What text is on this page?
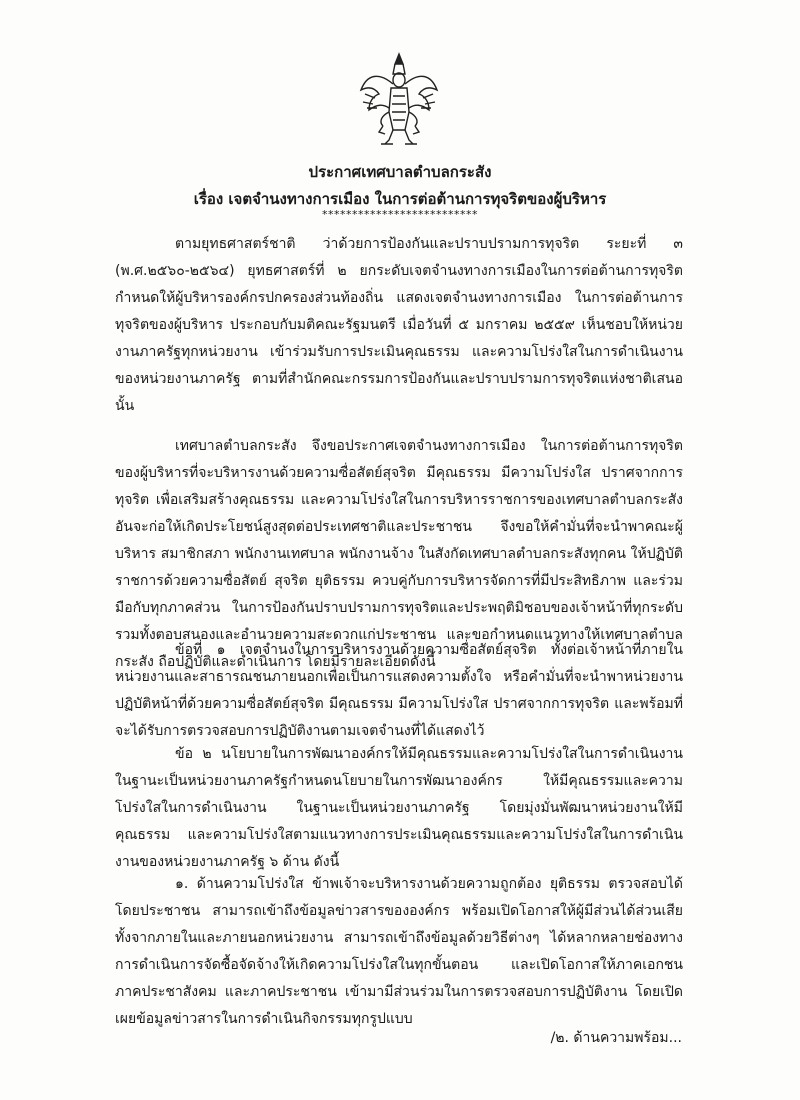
ประกาศเทศบาลตำบลกระสัง
เรื่อง เจตจำนงทางการเมือง ในการต่อต้านการทุจริตของผู้บริหาร
**************************

ตามยุทธศาสตร์ชาติ ว่าด้วยการป้องกันและปราบปรามการทุจริต ระยะที่ ๓ (พ.ศ.๒๕๖๐-๒๕๖๔) ยุทธศาสตร์ที่ ๒ ยกระดับเจตจำนงทางการเมืองในการต่อต้านการทุจริต กำหนดให้ผู้บริหารองค์กรปกครองส่วนท้องถิ่น แสดงเจตจำนงทางการเมือง ในการต่อต้านการทุจริตของผู้บริหาร ประกอบกับมติคณะรัฐมนตรี เมื่อวันที่ ๕ มกราคม ๒๕๕๙ เห็นชอบให้หน่วยงานภาครัฐทุกหน่วยงาน เข้าร่วมรับการประเมินคุณธรรม และความโปร่งใสในการดำเนินงานของหน่วยงานภาครัฐ ตามที่สำนักคณะกรรมการป้องกันและปราบปรามการทุจริตแห่งชาติเสนอ นั้น

เทศบาลตำบลกระสัง จึงขอประกาศเจตจำนงทางการเมือง ในการต่อต้านการทุจริตของผู้บริหารที่จะบริหารงานด้วยความซื่อสัตย์สุจริต มีคุณธรรม มีความโปร่งใส ปราศจากการทุจริต เพื่อเสริมสร้างคุณธรรม และความโปร่งใสในการบริหารราชการของเทศบาลตำบลกระสัง อันจะก่อให้เกิดประโยชน์สูงสุดต่อประเทศชาติและประชาชน จึงขอให้คำมั่นที่จะนำพาคณะผู้บริหาร สมาชิกสภา พนักงานเทศบาล พนักงานจ้าง ในสังกัดเทศบาลตำบลกระสังทุกคน ให้ปฏิบัติราชการด้วยความซื่อสัตย์ สุจริต ยุติธรรม ควบคู่กับการบริหารจัดการที่มีประสิทธิภาพ และร่วมมือกับทุกภาคส่วน ในการป้องกันปราบปรามการทุจริตและประพฤติมิชอบของเจ้าหน้าที่ทุกระดับ รวมทั้งตอบสนองและอำนวยความสะดวกแก่ประชาชน และขอกำหนดแนวทางให้เทศบาลตำบลกระสัง ถือปฏิบัติและดำเนินการ โดยมีรายละเอียดดังนี้

ข้อที่ ๑ เจตจำนงในการบริหารงานด้วยความซื่อสัตย์สุจริต ทั้งต่อเจ้าหน้าที่ภายในหน่วยงานและสาธารณชนภายนอกเพื่อเป็นการแสดงความตั้งใจ หรือคำมั่นที่จะนำพาหน่วยงานปฏิบัติหน้าที่ด้วยความซื่อสัตย์สุจริต มีคุณธรรม มีความโปร่งใส ปราศจากการทุจริต และพร้อมที่จะได้รับการตรวจสอบการปฏิบัติงานตามเจตจำนงที่ได้แสดงไว้

ข้อ ๒ นโยบายในการพัฒนาองค์กรให้มีคุณธรรมและความโปร่งใสในการดำเนินงานในฐานะเป็นหน่วยงานภาครัฐกำหนดนโยบายในการพัฒนาองค์กร ให้มีคุณธรรมและความโปร่งใสในการดำเนินงาน ในฐานะเป็นหน่วยงานภาครัฐ โดยมุ่งมั่นพัฒนาหน่วยงานให้มีคุณธรรม และความโปร่งใสตามแนวทางการประเมินคุณธรรมและความโปร่งใสในการดำเนินงานของหน่วยงานภาครัฐ ๖ ด้าน ดังนี้

๑. ด้านความโปร่งใส ข้าพเจ้าจะบริหารงานด้วยความถูกต้อง ยุติธรรม ตรวจสอบได้ โดยประชาชน สามารถเข้าถึงข้อมูลข่าวสารขององค์กร พร้อมเปิดโอกาสให้ผู้มีส่วนได้ส่วนเสีย ทั้งจากภายในและภายนอกหน่วยงาน สามารถเข้าถึงข้อมูลด้วยวิธีต่างๆ ได้หลากหลายช่องทาง การดำเนินการจัดซื้อจัดจ้างให้เกิดความโปร่งใสในทุกขั้นตอน และเปิดโอกาสให้ภาคเอกชน ภาคประชาสังคม และภาคประชาชน เข้ามามีส่วนร่วมในการตรวจสอบการปฏิบัติงาน โดยเปิดเผยข้อมูลข่าวสารในการดำเนินกิจกรรมทุกรูปแบบ

/๒. ด้านความพร้อม...
